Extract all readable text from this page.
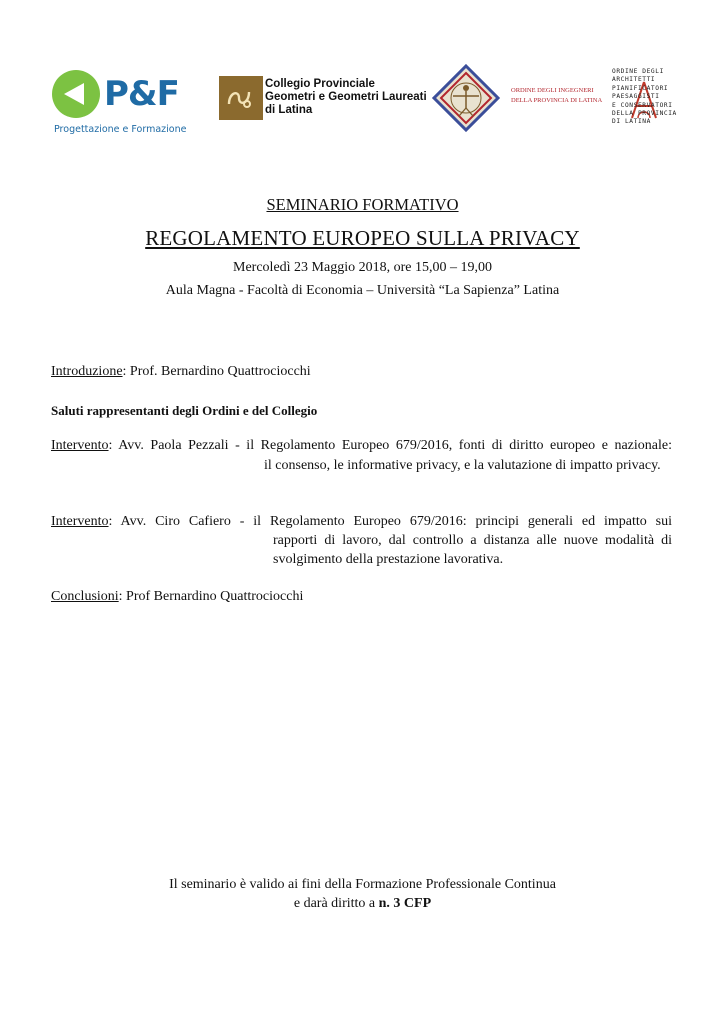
P&F
Progettazione e Formazione
Collegio Provinciale
Geometri e Geometri Laureati
di Latina
ORDINE DEGLI INGEGNERI
DELLA PROVINCIA DI LATINA
ORDINE DEGLI
ARCHITETTI
PIANIFICATORI
PAESAGGISTI
E CONSERVATORI
DELLA PROVINCIA
DI LATINA
SEMINARIO FORMATIVO
REGOLAMENTO EUROPEO SULLA PRIVACY
Mercoledì 23 Maggio 2018, ore 15,00 – 19,00
Aula Magna - Facoltà di Economia – Università “La Sapienza” Latina
Introduzione: Prof. Bernardino Quattrociocchi
Saluti rappresentanti degli Ordini e del Collegio
Intervento: Avv. Paola Pezzali - il Regolamento Europeo 679/2016, fonti di diritto europeo e nazionale:
il consenso, le informative privacy, e la valutazione di impatto privacy.
Intervento: Avv. Ciro Cafiero - il Regolamento Europeo 679/2016: principi generali ed impatto sui
rapporti di lavoro, dal controllo a distanza alle nuove modalità di svolgimento della prestazione lavorativa.
Conclusioni: Prof Bernardino Quattrociocchi
Il seminario è valido ai fini della Formazione Professionale Continua
e darà diritto a n. 3 CFP
